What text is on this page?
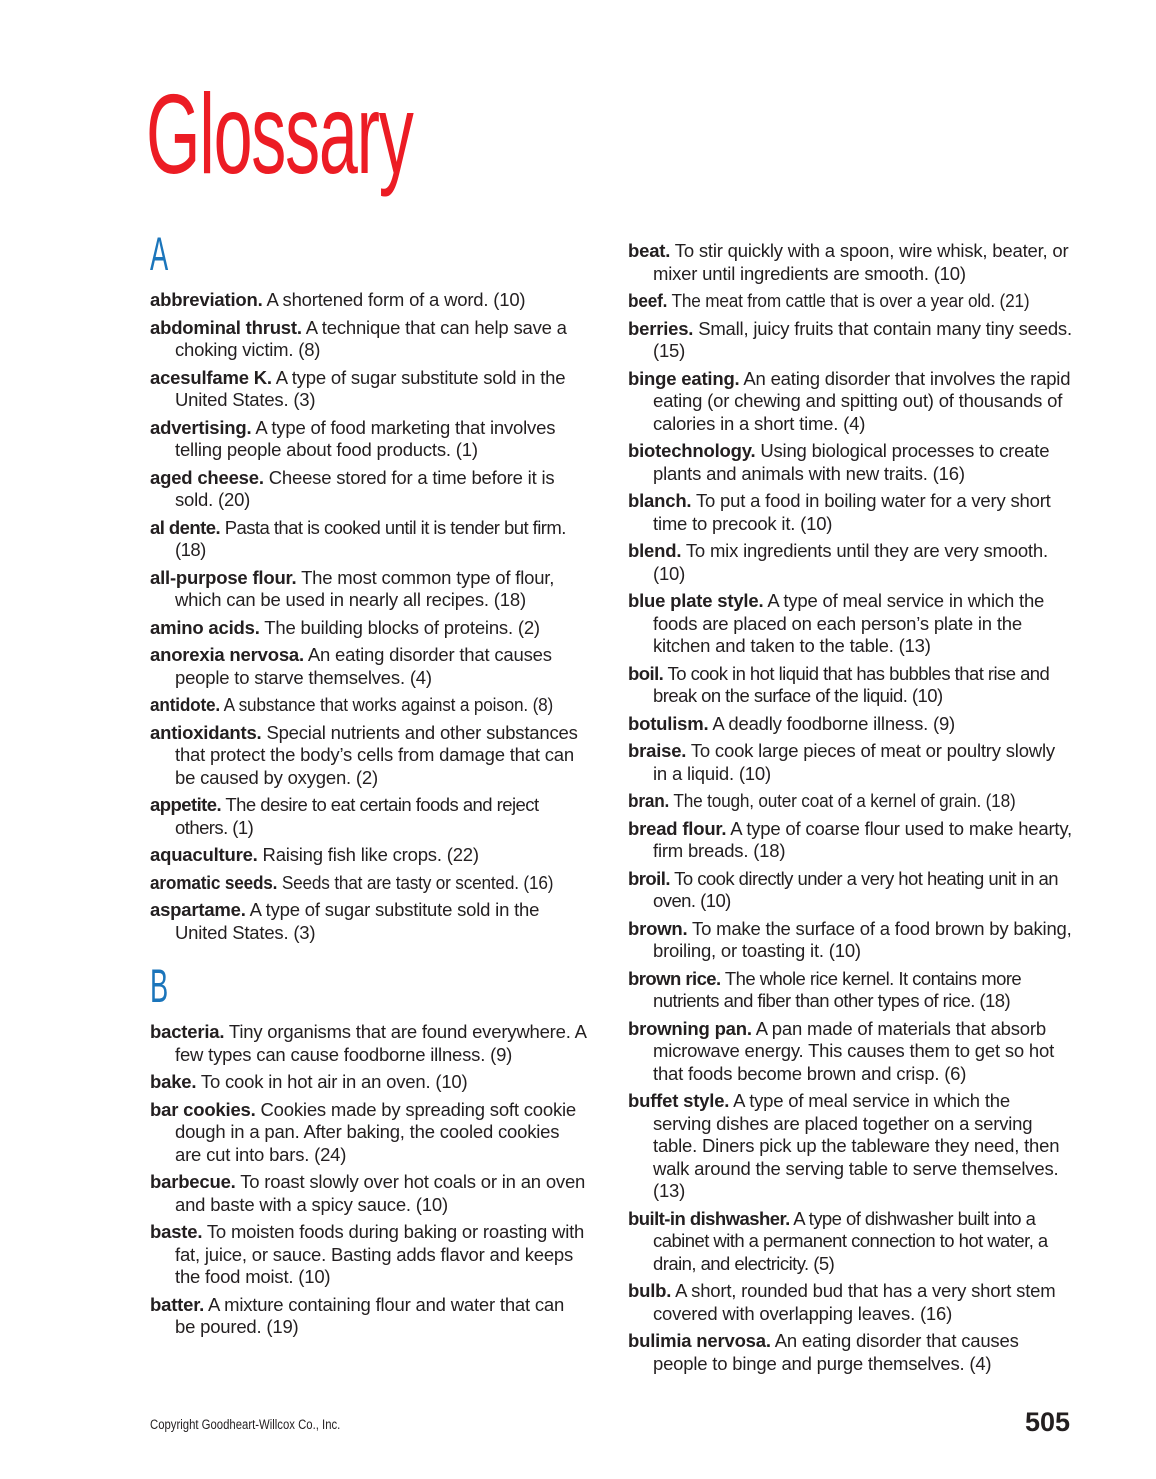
Glossary
A

abbreviation. A shortened form of a word. (10)

abdominal thrust. A technique that can help save a choking victim. (8)

acesulfame K. A type of sugar substitute sold in the United States. (3)

advertising. A type of food marketing that involves telling people about food products. (1)

aged cheese. Cheese stored for a time before it is sold. (20)

al dente. Pasta that is cooked until it is tender but firm. (18)

all-purpose flour. The most common type of flour, which can be used in nearly all recipes. (18)

amino acids. The building blocks of proteins. (2)

anorexia nervosa. An eating disorder that causes people to starve themselves. (4)

antidote. A substance that works against a poison. (8)

antioxidants. Special nutrients and other substances that protect the body’s cells from damage that can be caused by oxygen. (2)

appetite. The desire to eat certain foods and reject others. (1)

aquaculture. Raising fish like crops. (22)

aromatic seeds. Seeds that are tasty or scented. (16)

aspartame. A type of sugar substitute sold in the United States. (3)

B

bacteria. Tiny organisms that are found everywhere. A few types can cause foodborne illness. (9)

bake. To cook in hot air in an oven. (10)

bar cookies. Cookies made by spreading soft cookie dough in a pan. After baking, the cooled cookies are cut into bars. (24)

barbecue. To roast slowly over hot coals or in an oven and baste with a spicy sauce. (10)

baste. To moisten foods during baking or roasting with fat, juice, or sauce. Basting adds flavor and keeps the food moist. (10)

batter. A mixture containing flour and water that can be poured. (19)

beat. To stir quickly with a spoon, wire whisk, beater, or mixer until ingredients are smooth. (10)

beef. The meat from cattle that is over a year old. (21)

berries. Small, juicy fruits that contain many tiny seeds. (15)

binge eating. An eating disorder that involves the rapid eating (or chewing and spitting out) of thousands of calories in a short time. (4)

biotechnology. Using biological processes to create plants and animals with new traits. (16)

blanch. To put a food in boiling water for a very short time to precook it. (10)

blend. To mix ingredients until they are very smooth. (10)

blue plate style. A type of meal service in which the foods are placed on each person’s plate in the kitchen and taken to the table. (13)

boil. To cook in hot liquid that has bubbles that rise and break on the surface of the liquid. (10)

botulism. A deadly foodborne illness. (9)

braise. To cook large pieces of meat or poultry slowly in a liquid. (10)

bran. The tough, outer coat of a kernel of grain. (18)

bread flour. A type of coarse flour used to make hearty, firm breads. (18)

broil. To cook directly under a very hot heating unit in an oven. (10)

brown. To make the surface of a food brown by baking, broiling, or toasting it. (10)

brown rice. The whole rice kernel. It contains more nutrients and fiber than other types of rice. (18)

browning pan. A pan made of materials that absorb microwave energy. This causes them to get so hot that foods become brown and crisp. (6)

buffet style. A type of meal service in which the serving dishes are placed together on a serving table. Diners pick up the tableware they need, then walk around the serving table to serve themselves. (13)

built-in dishwasher. A type of dishwasher built into a cabinet with a permanent connection to hot water, a drain, and electricity. (5)

bulb. A short, rounded bud that has a very short stem covered with overlapping leaves. (16)

bulimia nervosa. An eating disorder that causes people to binge and purge themselves. (4)

Copyright Goodheart-Willcox Co., Inc.	505
